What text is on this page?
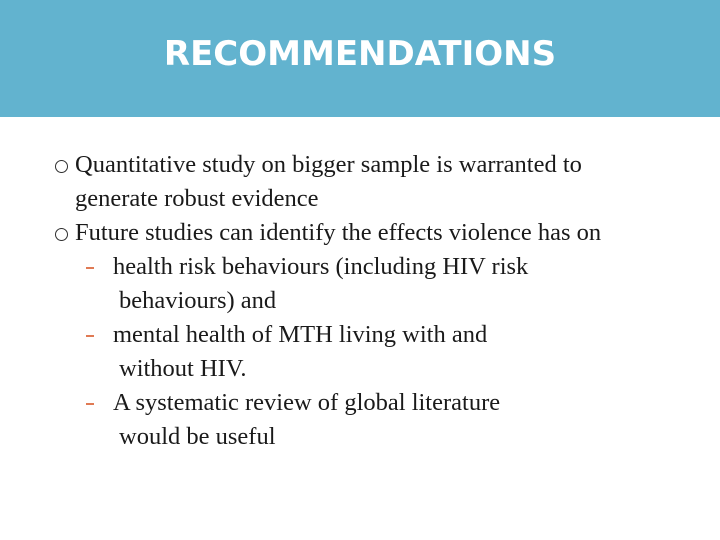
RECOMMENDATIONS
Quantitative study on bigger sample is warranted to
generate robust evidence
Future studies can identify the effects violence has on
health risk behaviours (including HIV risk
behaviours) and
mental health of MTH living with and
without HIV.
A systematic review of global literature
would be useful
